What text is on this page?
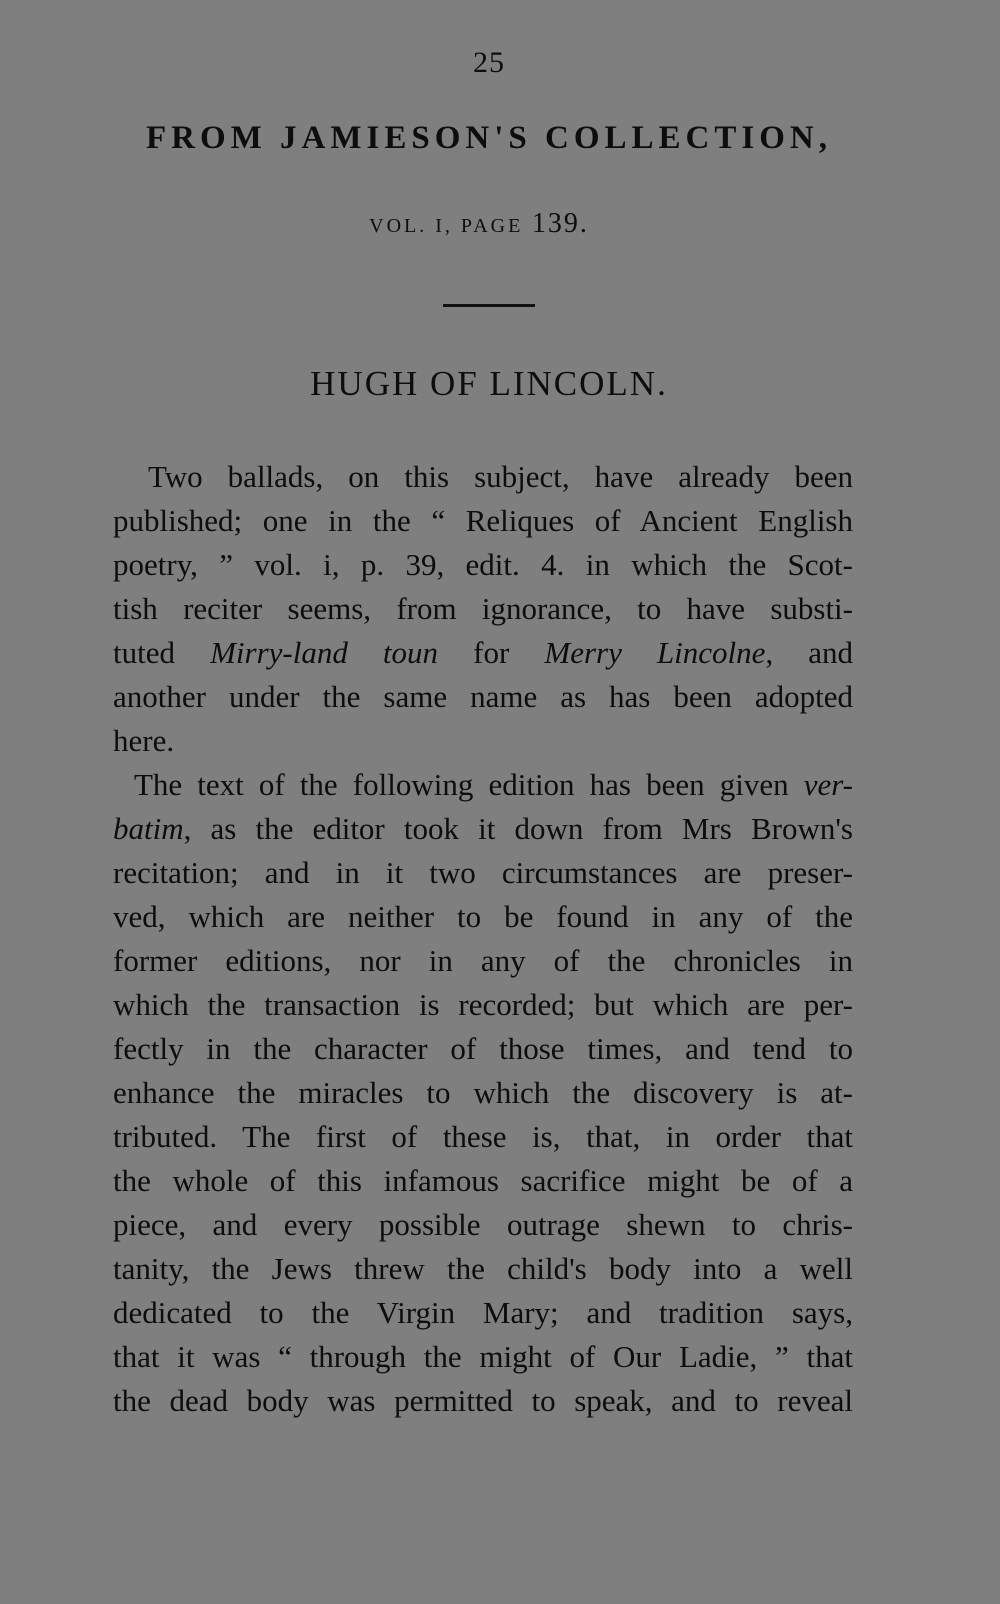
25
FROM JAMIESON'S COLLECTION,
VOL. I, PAGE 139.
HUGH OF LINCOLN.
Two ballads, on this subject, have already been
published; one in the “ Reliques of Ancient English
poetry, ” vol. i, p. 39, edit. 4. in which the Scot-
tish reciter seems, from ignorance, to have substi-
tuted Mirry-land toun for Merry Lincolne, and
another under the same name as has been adopted
here.
The text of the following edition has been given ver-
batim, as the editor took it down from Mrs Brown's
recitation; and in it two circumstances are preser-
ved, which are neither to be found in any of the
former editions, nor in any of the chronicles in
which the transaction is recorded; but which are per-
fectly in the character of those times, and tend to
enhance the miracles to which the discovery is at-
tributed. The first of these is, that, in order that
the whole of this infamous sacrifice might be of a
piece, and every possible outrage shewn to chris-
tanity, the Jews threw the child's body into a well
dedicated to the Virgin Mary; and tradition says,
that it was “ through the might of Our Ladie, ” that
the dead body was permitted to speak, and to reveal
